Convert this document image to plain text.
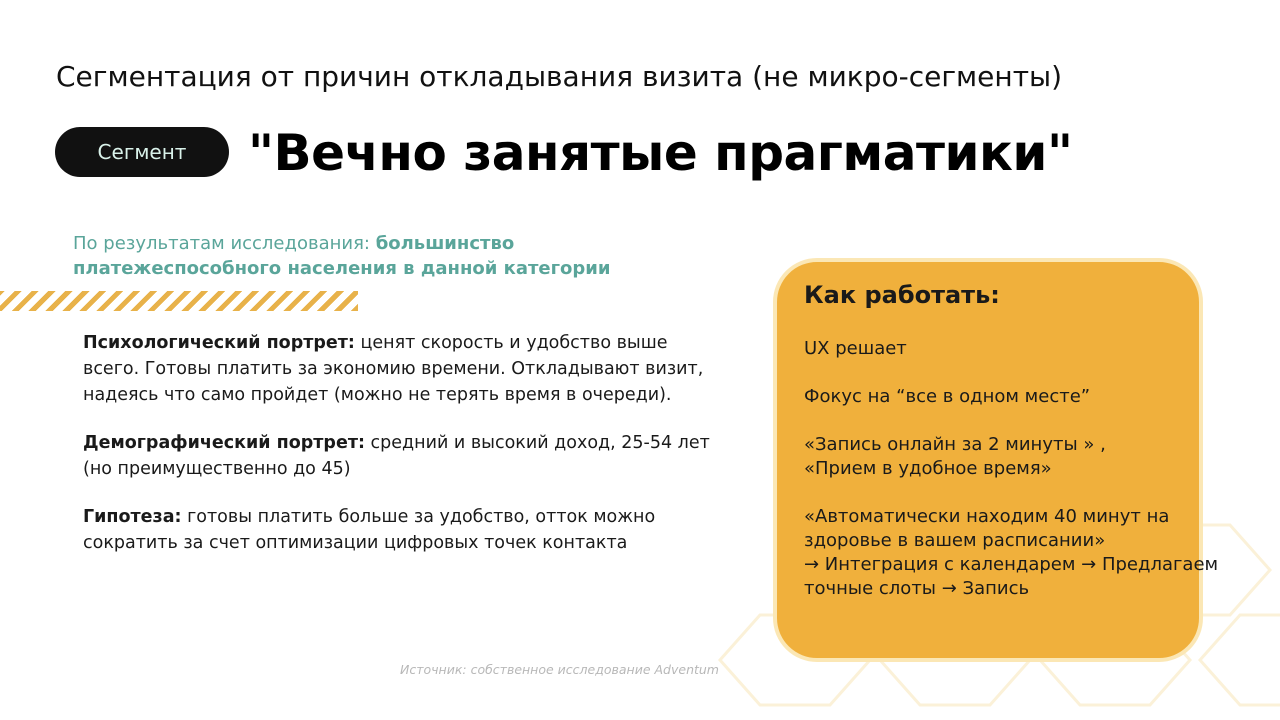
Сегментация от причин откладывания визита (не микро-сегменты)
Сегмент "Вечно занятые прагматики"
По результатам исследования: большинство платежеспособного населения в данной категории

Психологический портрет: ценят скорость и удобство выше всего. Готовы платить за экономию времени. Откладывают визит, надеясь что само пройдет (можно не терять время в очереди).

Демографический портрет: средний и высокий доход, 25-54 лет (но преимущественно до 45)

Гипотеза: готовы платить больше за удобство, отток можно сократить за счет оптимизации цифровых точек контакта

Как работать:

UX решает

Фокус на “все в одном месте”

«Запись онлайн за 2 минуты » ,
«Прием в удобное время»

«Автоматически находим 40 минут на здоровье в вашем расписании»
→ Интеграция с календарем → Предлагаем точные слоты → Запись

Источник: собственное исследование Adventum
